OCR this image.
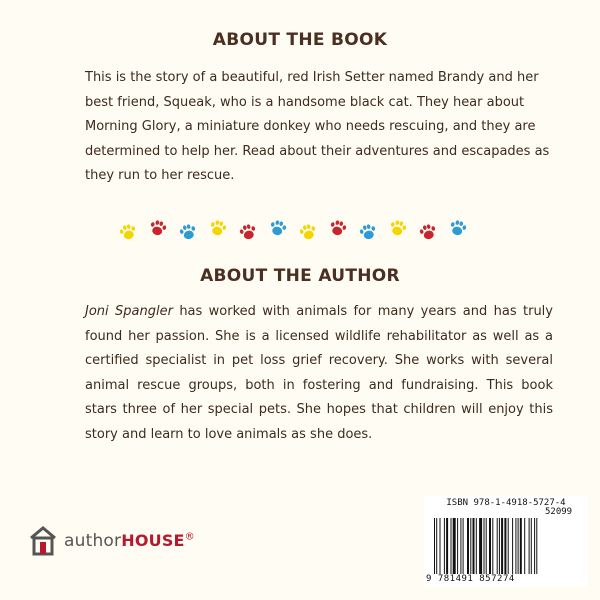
ABOUT THE BOOK

This is the story of a beautiful, red Irish Setter named Brandy and her best friend, Squeak, who is a handsome black cat. They hear about Morning Glory, a miniature donkey who needs rescuing, and they are determined to help her. Read about their adventures and escapades as they run to her rescue.

ABOUT THE AUTHOR

Joni Spangler has worked with animals for many years and has truly found her passion. She is a licensed wildlife rehabilitator as well as a certified specialist in pet loss grief recovery. She works with several animal rescue groups, both in fostering and fundraising. This book stars three of her special pets. She hopes that children will enjoy this story and learn to love animals as she does.

authorHOUSE®
ISBN 978-1-4918-5727-4
52099
9 781491 857274
